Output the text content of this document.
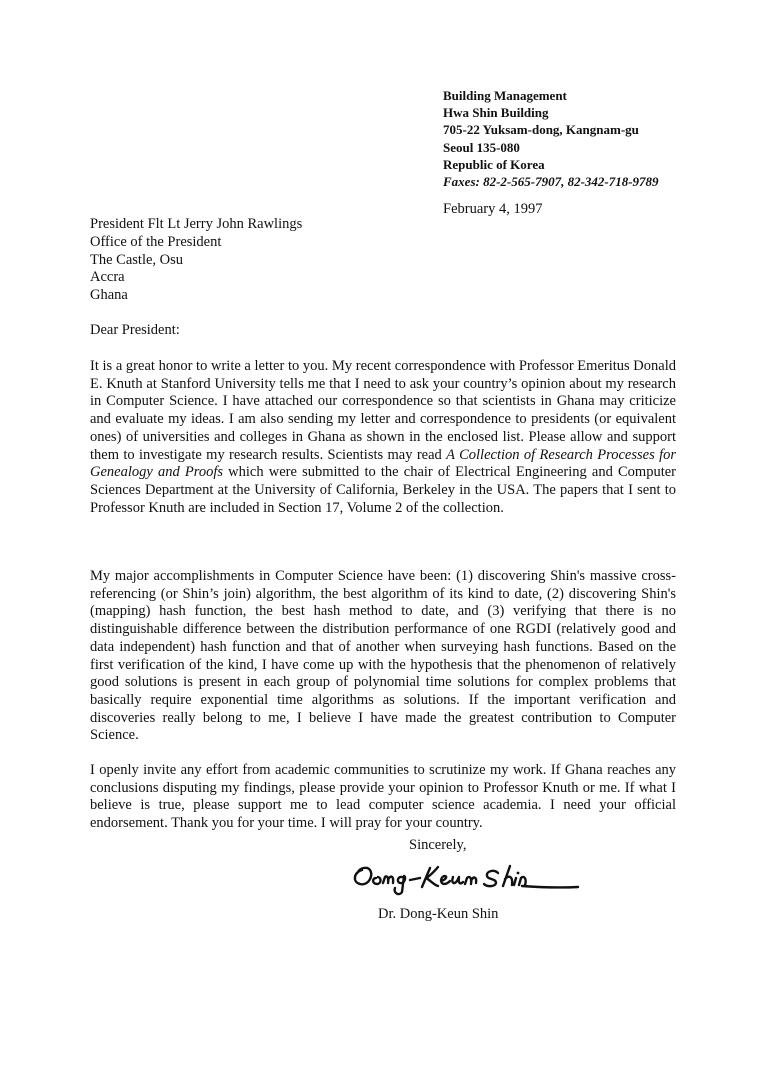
Building Management
Hwa Shin Building
705-22 Yuksam-dong, Kangnam-gu
Seoul 135-080
Republic of Korea
Faxes: 82-2-565-7907, 82-342-718-9789
February 4, 1997
President Flt Lt Jerry John Rawlings
Office of the President
The Castle, Osu
Accra
Ghana
Dear President:

It is a great honor to write a letter to you. My recent correspondence with Professor Emeritus Donald E. Knuth at Stanford University tells me that I need to ask your country’s opinion about my research in Computer Science. I have attached our correspondence so that scientists in Ghana may criticize and evaluate my ideas. I am also sending my letter and correspondence to presidents (or equivalent ones) of universities and colleges in Ghana as shown in the enclosed list. Please allow and support them to investigate my research results. Scientists may read A Collection of Research Processes for Genealogy and Proofs which were submitted to the chair of Electrical Engineering and Computer Sciences Department at the University of California, Berkeley in the USA. The papers that I sent to Professor Knuth are included in Section 17, Volume 2 of the collection.

My major accomplishments in Computer Science have been: (1) discovering Shin's massive cross-referencing (or Shin’s join) algorithm, the best algorithm of its kind to date, (2) discovering Shin's (mapping) hash function, the best hash method to date, and (3) verifying that there is no distinguishable difference between the distribution performance of one RGDI (relatively good and data independent) hash function and that of another when surveying hash functions. Based on the first verification of the kind, I have come up with the hypothesis that the phenomenon of relatively good solutions is present in each group of polynomial time solutions for complex problems that basically require exponential time algorithms as solutions. If the important verification and discoveries really belong to me, I believe I have made the greatest contribution to Computer Science.

I openly invite any effort from academic communities to scrutinize my work. If Ghana reaches any conclusions disputing my findings, please provide your opinion to Professor Knuth or me. If what I believe is true, please support me to lead computer science academia. I need your official endorsement. Thank you for your time. I will pray for your country.

Sincerely,
Dr. Dong-Keun Shin
